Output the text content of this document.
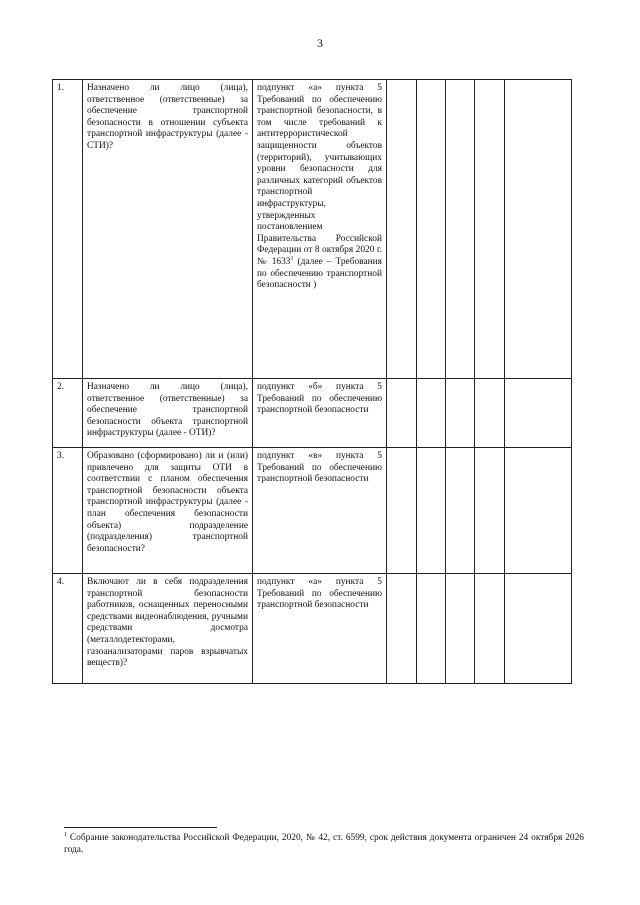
3
1.	Назначено ли лицо (лица), ответственное (ответственные) за обеспечение транспортной безопасности в отношении субъекта транспортной инфраструктуры (далее - СТИ)?	подпункт «а» пункта 5 Требований по обеспечению транспортной безопасности, в том числе требований к антитеррористической защищенности объектов (территорий), учитывающих уровни безопасности для различных категорий объектов транспортной инфраструктуры, утвержденных постановлением Правительства Российской Федерации от 8 октября 2020 г. № 1633$^1$ (далее – Требования по обеспечению транспортной безопасности )					
2.	Назначено ли лицо (лица), ответственное (ответственные) за обеспечение транспортной безопасности объекта транспортной инфраструктуры (далее - ОТИ)?	подпункт «б» пункта 5 Требований по обеспечению транспортной безопасности					
3.	Образовано (сформировано) ли и (или) привлечено для защиты ОТИ в соответствии с планом обеспечения транспортной безопасности объекта транспортной инфраструктуры (далее - план обеспечения безопасности объекта) подразделение (подразделения) транспортной безопасности?	подпункт «в» пункта 5 Требований по обеспечению транспортной безопасности					
4.	Включают ли в себя подразделения транспортной безопасности работников, оснащенных переносными средствами видеонаблюдения, ручными средствами досмотра (металлодетекторами, газоанализаторами паров взрывчатых веществ)?	подпункт «а» пункта 5 Требований по обеспечению транспортной безопасности					
$^1$ Собрание законодательства Российской Федерации, 2020, № 42, ст. 6599, срок действия документа ограничен 24 октября 2026 года.
